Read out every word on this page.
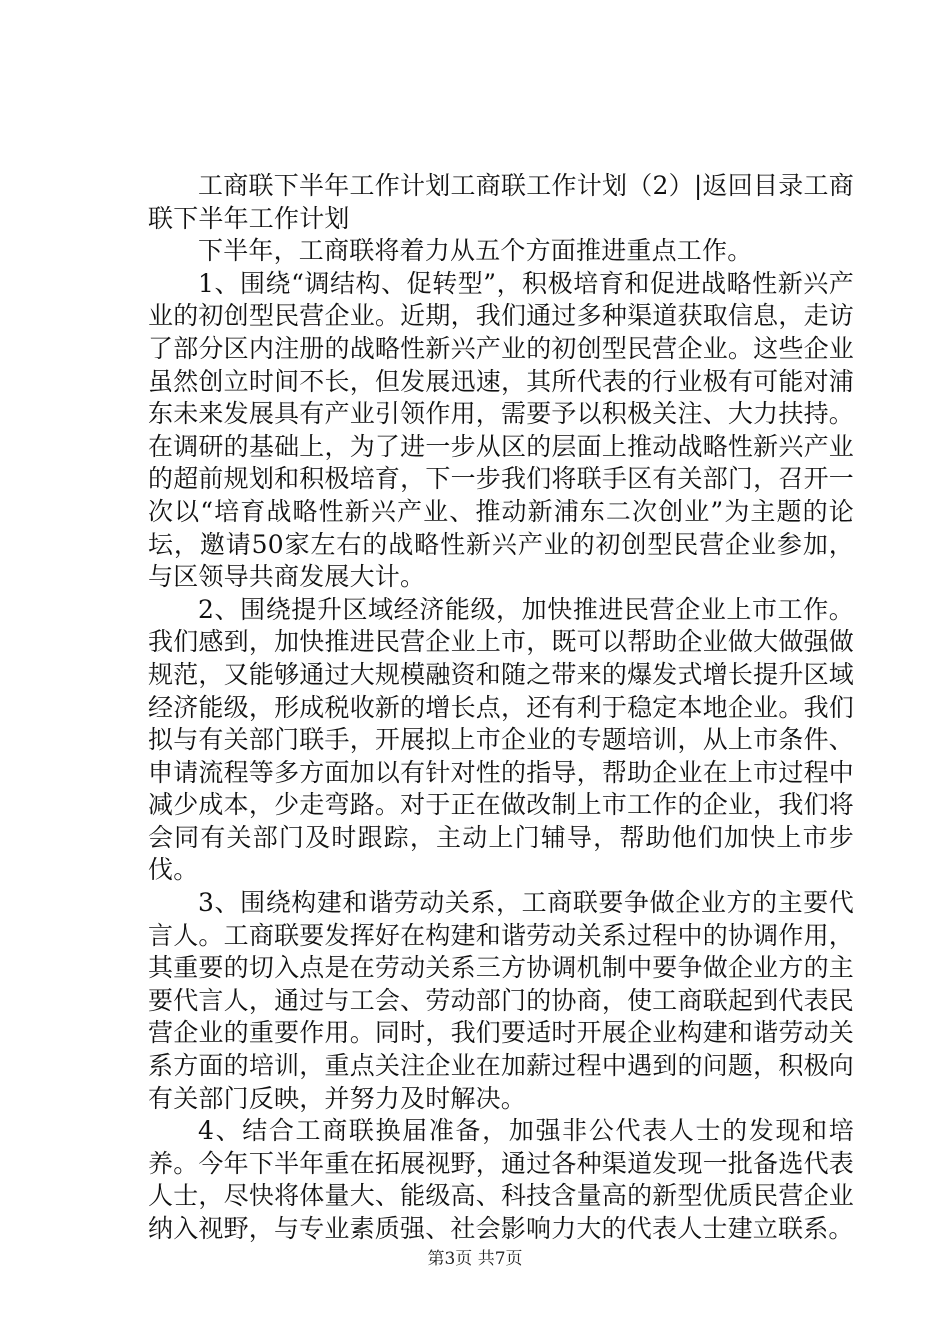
工商联下半年工作计划工商联工作计划（2）|返回目录工商联下半年工作计划

下半年，工商联将着力从五个方面推进重点工作。

1、围绕“调结构、促转型”，积极培育和促进战略性新兴产业的初创型民营企业。近期，我们通过多种渠道获取信息，走访了部分区内注册的战略性新兴产业的初创型民营企业。这些企业虽然创立时间不长，但发展迅速，其所代表的行业极有可能对浦东未来发展具有产业引领作用，需要予以积极关注、大力扶持。在调研的基础上，为了进一步从区的层面上推动战略性新兴产业的超前规划和积极培育，下一步我们将联手区有关部门，召开一次以“培育战略性新兴产业、推动新浦东二次创业”为主题的论坛，邀请50家左右的战略性新兴产业的初创型民营企业参加，与区领导共商发展大计。

2、围绕提升区域经济能级，加快推进民营企业上市工作。我们感到，加快推进民营企业上市，既可以帮助企业做大做强做规范，又能够通过大规模融资和随之带来的爆发式增长提升区域经济能级，形成税收新的增长点，还有利于稳定本地企业。我们拟与有关部门联手，开展拟上市企业的专题培训，从上市条件、申请流程等多方面加以有针对性的指导，帮助企业在上市过程中减少成本，少走弯路。对于正在做改制上市工作的企业，我们将会同有关部门及时跟踪，主动上门辅导，帮助他们加快上市步伐。

3、围绕构建和谐劳动关系，工商联要争做企业方的主要代言人。工商联要发挥好在构建和谐劳动关系过程中的协调作用，其重要的切入点是在劳动关系三方协调机制中要争做企业方的主要代言人，通过与工会、劳动部门的协商，使工商联起到代表民营企业的重要作用。同时，我们要适时开展企业构建和谐劳动关系方面的培训，重点关注企业在加薪过程中遇到的问题，积极向有关部门反映，并努力及时解决。

4、结合工商联换届准备，加强非公代表人士的发现和培养。今年下半年重在拓展视野，通过各种渠道发现一批备选代表人士，尽快将体量大、能级高、科技含量高的新型优质民营企业纳入视野，与专业素质强、社会影响力大的代表人士建立联系。

第3页 共7页
